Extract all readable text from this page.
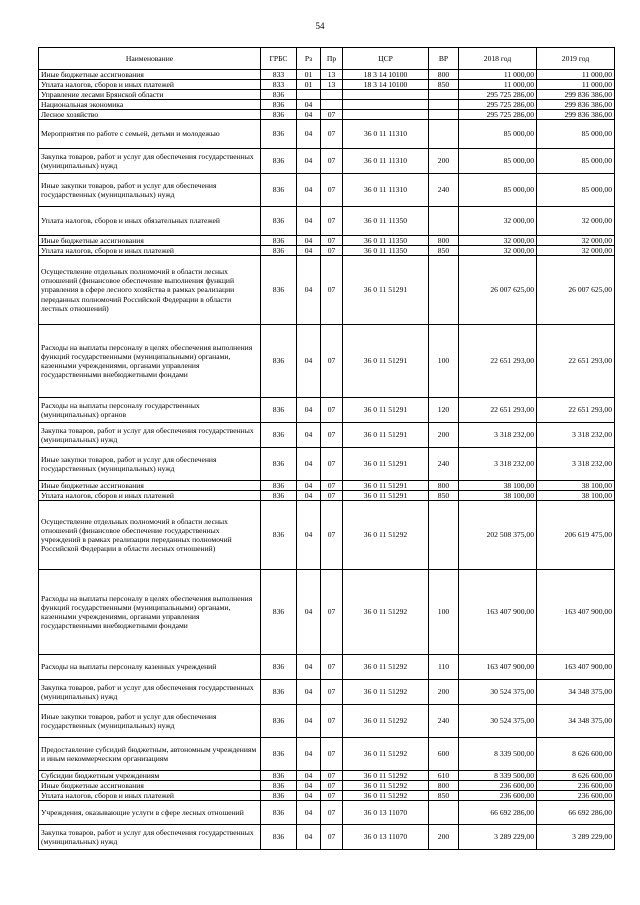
54
Наименование	ГРБС	Рз	Пр	ЦСР	ВР	2018 год	2019 год
Иные бюджетные ассигнования	833	01	13	18 3 14 10100	800	11 000,00	11 000,00
Уплата налогов, сборов и иных платежей	833	01	13	18 3 14 10100	850	11 000,00	11 000,00
Управление лесами Брянской области	836					295 725 286,00	299 836 386,00
Национальная экономика	836	04				295 725 286,00	299 836 386,00
Лесное хозяйство	836	04	07			295 725 286,00	299 836 386,00
Мероприятия по работе с семьей, детьми и молодежью	836	04	07	36 0 11 11310		85 000,00	85 000,00
Закупка товаров, работ и услуг для обеспечения государственных (муниципальных) нужд	836	04	07	36 0 11 11310	200	85 000,00	85 000,00
Иные закупки товаров, работ и услуг для обеспечения государственных (муниципальных) нужд	836	04	07	36 0 11 11310	240	85 000,00	85 000,00
Уплата налогов, сборов и иных обязательных платежей	836	04	07	36 0 11 11350		32 000,00	32 000,00
Иные бюджетные ассигнования	836	04	07	36 0 11 11350	800	32 000,00	32 000,00
Уплата налогов, сборов и иных платежей	836	04	07	36 0 11 11350	850	32 000,00	32 000,00
Осуществление отдельных полномочий в области лесных отношений (финансовое обеспечение выполнения функций управления в сфере лесного хозяйства в рамках реализации переданных полномочий Российской Федерации в области лестных отношений)	836	04	07	36 0 11 51291		26 007 625,00	26 007 625,00
Расходы на выплаты персоналу в целях обеспечения выполнения функций государственными (муниципальными) органами, казенными учреждениями, органами управления государственными внебюджетными фондами	836	04	07	36 0 11 51291	100	22 651 293,00	22 651 293,00
Расходы на выплаты персоналу государственных (муниципальных) органов	836	04	07	36 0 11 51291	120	22 651 293,00	22 651 293,00
Закупка товаров, работ и услуг для обеспечения государственных (муниципальных) нужд	836	04	07	36 0 11 51291	200	3 318 232,00	3 318 232,00
Иные закупки товаров, работ и услуг для обеспечения государственных (муниципальных) нужд	836	04	07	36 0 11 51291	240	3 318 232,00	3 318 232,00
Иные бюджетные ассигнования	836	04	07	36 0 11 51291	800	38 100,00	38 100,00
Уплата налогов, сборов и иных платежей	836	04	07	36 0 11 51291	850	38 100,00	38 100,00
Осуществление отдельных полномочий в области лесных отношений (финансовое обеспечение государственных учреждений в рамках реализации переданных полномочий Российской Федерации в области лесных отношений)	836	04	07	36 0 11 51292		202 508 375,00	206 619 475,00
Расходы на выплаты персоналу в целях обеспечения выполнения функций государственными (муниципальными) органами, казенными учреждениями, органами управления государственными внебюджетными фондами	836	04	07	36 0 11 51292	100	163 407 900,00	163 407 900,00
Расходы на выплаты персоналу казенных учреждений	836	04	07	36 0 11 51292	110	163 407 900,00	163 407 900,00
Закупка товаров, работ и услуг для обеспечения государственных (муниципальных) нужд	836	04	07	36 0 11 51292	200	30 524 375,00	34 348 375,00
Иные закупки товаров, работ и услуг для обеспечения государственных (муниципальных) нужд	836	04	07	36 0 11 51292	240	30 524 375,00	34 348 375,00
Предоставление субсидий бюджетным, автономным учреждениям и иным некоммерческим организациям	836	04	07	36 0 11 51292	600	8 339 500,00	8 626 600,00
Субсидии бюджетным учреждениям	836	04	07	36 0 11 51292	610	8 339 500,00	8 626 600,00
Иные бюджетные ассигнования	836	04	07	36 0 11 51292	800	236 600,00	236 600,00
Уплата налогов, сборов и иных платежей	836	04	07	36 0 11 51292	850	236 600,00	236 600,00
Учреждения, оказывающие услуги в сфере лесных отношений	836	04	07	36 0 13 11070		66 692 286,00	66 692 286,00
Закупка товаров, работ и услуг для обеспечения государственных (муниципальных) нужд	836	04	07	36 0 13 11070	200	3 289 229,00	3 289 229,00
